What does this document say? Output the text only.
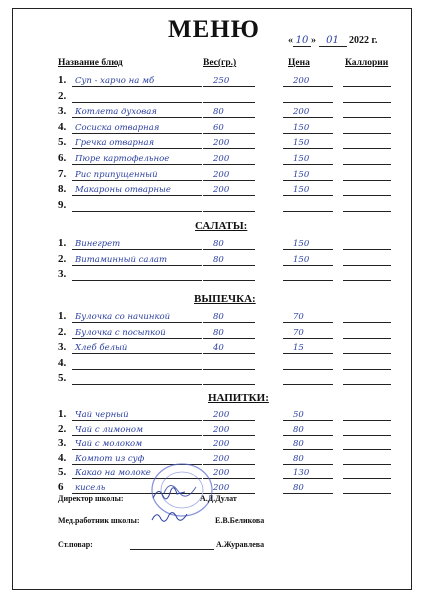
МЕНЮ	« 10 » 01 2022 г.
Название блюд	Вес(гр.)	Цена	Каллории
1. Суп - харчо на мб	250	200
2.
3. Котлета духовая	80	200
4. Сосиска отварная	60	150
5. Гречка отварная	200	150
6. Пюре картофельное	200	150
7. Рис припущенный	200	150
8. Макароны отварные	200	150
9.
САЛАТЫ:
1. Винегрет	80	150
2. Витаминный салат	80	150
3.
ВЫПЕЧКА:
1. Булочка со начинкой	80	70
2. Булочка с посыпкой	80	70
3. Хлеб белый	40	15
4.
5.
НАПИТКИ:
1. Чай черный	200	50
2. Чай с лимоном	200	80
3. Чай с молоком	200	80
4. Компот из суф	200	80
5. Какао на молоке	200	130
6 кисель	200	80
Директор школы:	А.Д.Дулат
Мед.работник школы:	Е.В.Беликова
Ст.повар:	А.Журавлева
